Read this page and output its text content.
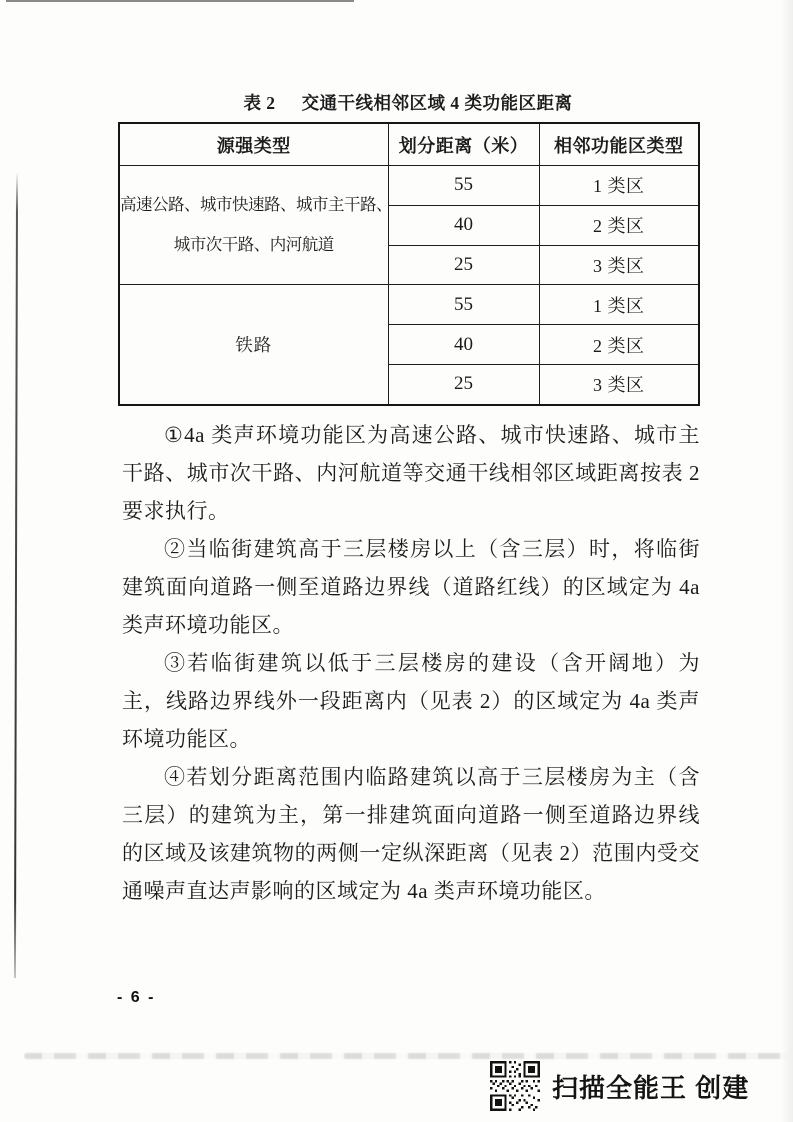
表 2 交通干线相邻区域 4 类功能区距离
源强类型	划分距离（米）	相邻功能区类型

高速公路、城市快速路、城市主干路、
城市次干路、内河航道	55	1 类区
	40	2 类区
	25	3 类区

铁路	55	1 类区
	40	2 类区
	25	3 类区

①4a 类声环境功能区为高速公路、城市快速路、城市主干路、城市次干路、内河航道等交通干线相邻区域距离按表 2 要求执行。

②当临街建筑高于三层楼房以上（含三层）时，将临街建筑面向道路一侧至道路边界线（道路红线）的区域定为 4a 类声环境功能区。

③若临街建筑以低于三层楼房的建设（含开阔地）为主，线路边界线外一段距离内（见表 2）的区域定为 4a 类声环境功能区。

④若划分距离范围内临路建筑以高于三层楼房为主（含三层）的建筑为主，第一排建筑面向道路一侧至道路边界线的区域及该建筑物的两侧一定纵深距离（见表 2）范围内受交通噪声直达声影响的区域定为 4a 类声环境功能区。

- 6 -
扫描全能王 创建
